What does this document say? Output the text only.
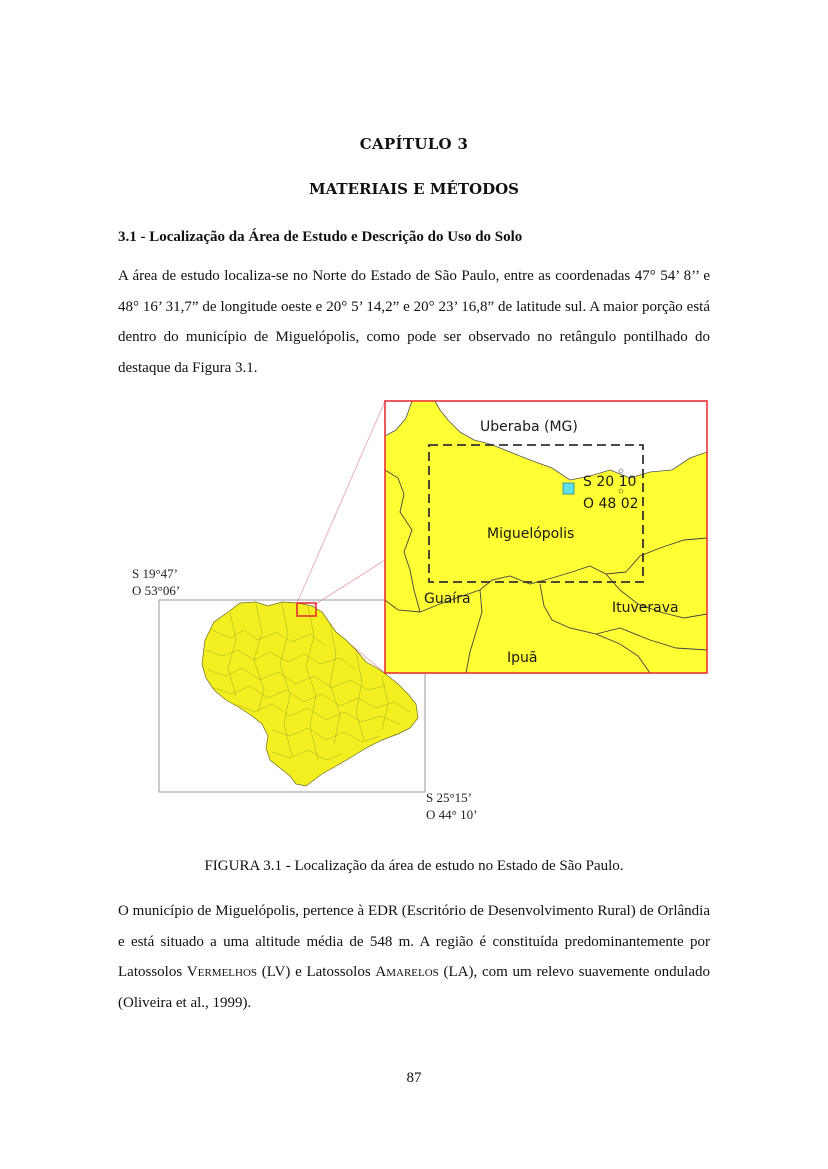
CAPÍTULO 3
MATERIAIS E MÉTODOS
3.1 - Localização da Área de Estudo e Descrição do Uso do Solo
A área de estudo localiza-se no Norte do Estado de São Paulo, entre as coordenadas 47° 54’ 8’’ e 48° 16’ 31,7” de longitude oeste e 20° 5’ 14,2” e 20° 23’ 16,8” de latitude sul. A maior porção está dentro do município de Miguelópolis, como pode ser observado no retângulo pontilhado do destaque da Figura 3.1.
S 19°47’
O 53°06’
S 25°15’
O 44° 10’
Uberaba (MG)
S 20 10
O 48 02
Miguelópolis
Guaíra
Ituverava
Ipuã
FIGURA 3.1 - Localização da área de estudo no Estado de São Paulo.
O município de Miguelópolis, pertence à EDR (Escritório de Desenvolvimento Rural) de Orlândia e está situado a uma altitude média de 548 m. A região é constituída predominantemente por Latossolos Vermelhos (LV) e Latossolos Amarelos (LA), com um relevo suavemente ondulado (Oliveira et al., 1999).
87
